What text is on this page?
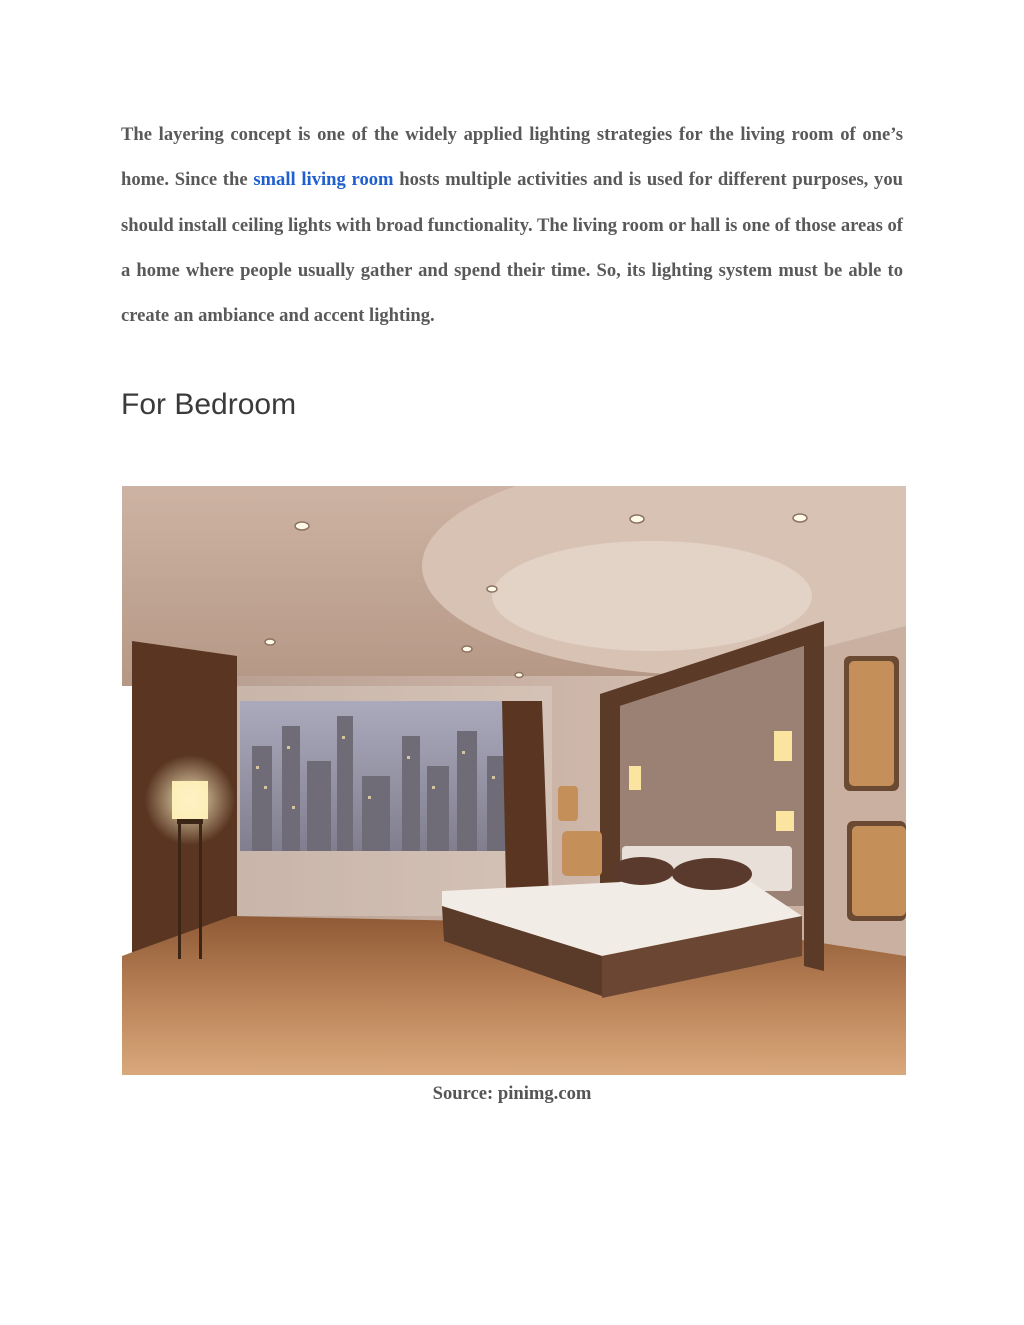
The layering concept is one of the widely applied lighting strategies for the living room of one’s home. Since the small living room hosts multiple activities and is used for different purposes, you should install ceiling lights with broad functionality. The living room or hall is one of those areas of a home where people usually gather and spend their time. So, its lighting system must be able to create an ambiance and accent lighting.

For Bedroom

Source: pinimg.com
